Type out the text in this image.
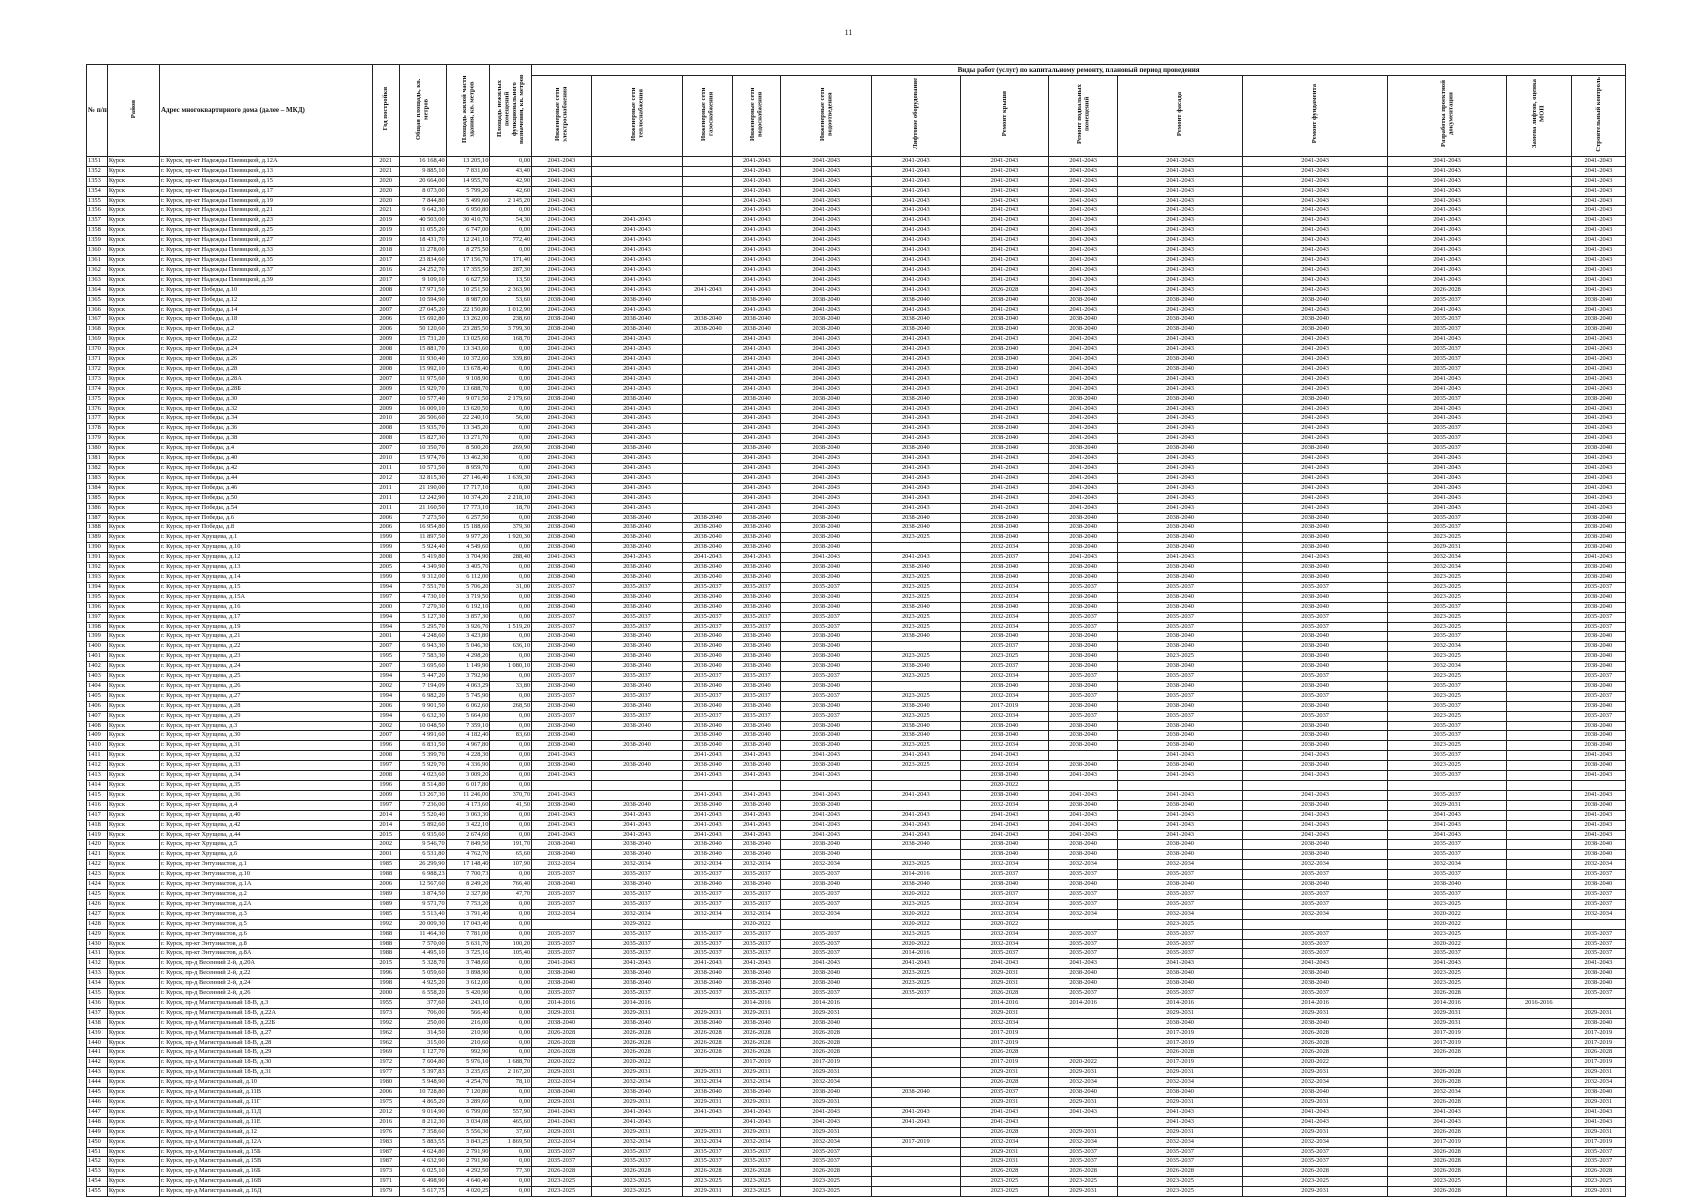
11
№ п/п	Район	Адрес многоквартирного дома (далее – МКД)	Год постройки	Общая площадь, кв. метров	Площадь жилой части здания, кв. метров	Площадь нежилых помещений функционального назначения, кв. метров	Виды работ (услуг) по капитальному ремонту, плановый период проведения												
							Инженерные сети электроснабжения	Инженерные сети теплоснабжения	Инженерные сети газоснабжения	Инженерные сети водоснабжения	Инженерные сети водоотведения	Лифтовое оборудование	Ремонт крыши	Ремонт подвальных помещений	Ремонт фасада	Ремонт фундамента	Разработка проектной документации	Замена лифтов, оценка МОП	Строительный контроль
1351	Курск	г. Курск, пр-кт Надежды Плевицкой, д.12А	2021	16 168,40	13 205,10	0,00	2041-2043			2041-2043	2041-2043	2041-2043	2041-2043	2041-2043	2041-2043	2041-2043	2041-2043		2041-2043
1352	Курск	г. Курск, пр-кт Надежды Плевицкой, д.13	2021	9 885,10	7 831,00	43,40	2041-2043			2041-2043	2041-2043	2041-2043	2041-2043	2041-2043	2041-2043	2041-2043	2041-2043		2041-2043
1353	Курск	г. Курск, пр-кт Надежды Плевицкой, д.15	2020	20 664,00	14 955,70	42,90	2041-2043			2041-2043	2041-2043	2041-2043	2041-2043	2041-2043	2041-2043	2041-2043	2041-2043		2041-2043
1354	Курск	г. Курск, пр-кт Надежды Плевицкой, д.17	2020	8 073,00	5 799,20	42,60	2041-2043			2041-2043	2041-2043	2041-2043	2041-2043	2041-2043	2041-2043	2041-2043	2041-2043		2041-2043
1355	Курск	г. Курск, пр-кт Надежды Плевицкой, д.19	2020	7 844,80	5 499,60	2 145,20	2041-2043			2041-2043	2041-2043	2041-2043	2041-2043	2041-2043	2041-2043	2041-2043	2041-2043		2041-2043
1356	Курск	г. Курск, пр-кт Надежды Плевицкой, д.21	2021	9 642,30	6 950,80	0,00	2041-2043			2041-2043	2041-2043	2041-2043	2041-2043	2041-2043	2041-2043	2041-2043	2041-2043		2041-2043
1357	Курск	г. Курск, пр-кт Надежды Плевицкой, д.23	2019	40 503,00	30 410,70	54,30	2041-2043	2041-2043		2041-2043	2041-2043	2041-2043	2041-2043	2041-2043	2041-2043	2041-2043	2041-2043		2041-2043
1358	Курск	г. Курск, пр-кт Надежды Плевицкой, д.25	2019	11 055,20	6 747,00	0,00	2041-2043	2041-2043		2041-2043	2041-2043	2041-2043	2041-2043	2041-2043	2041-2043	2041-2043	2041-2043		2041-2043
1359	Курск	г. Курск, пр-кт Надежды Плевицкой, д.27	2019	18 431,70	12 241,10	772,40	2041-2043	2041-2043		2041-2043	2041-2043	2041-2043	2041-2043	2041-2043	2041-2043	2041-2043	2041-2043		2041-2043
1360	Курск	г. Курск, пр-кт Надежды Плевицкой, д.33	2018	11 278,00	8 275,50	0,00	2041-2043	2041-2043		2041-2043	2041-2043	2041-2043	2041-2043	2041-2043	2041-2043	2041-2043	2041-2043		2041-2043
1361	Курск	г. Курск, пр-кт Надежды Плевицкой, д.35	2017	23 834,60	17 156,70	171,40	2041-2043	2041-2043		2041-2043	2041-2043	2041-2043	2041-2043	2041-2043	2041-2043	2041-2043	2041-2043		2041-2043
1362	Курск	г. Курск, пр-кт Надежды Плевицкой, д.37	2016	24 252,70	17 355,50	287,30	2041-2043	2041-2043		2041-2043	2041-2043	2041-2043	2041-2043	2041-2043	2041-2043	2041-2043	2041-2043		2041-2043
1363	Курск	г. Курск, пр-кт Надежды Плевицкой, д.39	2017	9 109,10	6 627,50	13,50	2041-2043	2041-2043		2041-2043	2041-2043	2041-2043	2041-2043	2041-2043	2041-2043	2041-2043	2041-2043		2041-2043
1364	Курск	г. Курск, пр-кт Победы, д.10	2008	17 971,50	10 251,50	2 363,90	2041-2043	2041-2043	2041-2043	2041-2043	2041-2043	2041-2043	2026-2028	2041-2043	2041-2043	2041-2043	2026-2028		2041-2043
1365	Курск	г. Курск, пр-кт Победы, д.12	2007	10 594,90	8 987,00	53,60	2038-2040	2038-2040		2038-2040	2038-2040	2038-2040	2038-2040	2038-2040	2038-2040	2038-2040	2035-2037		2038-2040
1366	Курск	г. Курск, пр-кт Победы, д.14	2007	27 045,20	22 150,80	1 012,90	2041-2043	2041-2043		2041-2043	2041-2043	2041-2043	2041-2043	2041-2043	2041-2043	2041-2043	2041-2043		2041-2043
1367	Курск	г. Курск, пр-кт Победы, д.18	2006	15 692,80	13 262,00	238,60	2038-2040	2038-2040	2038-2040	2038-2040	2038-2040	2038-2040	2038-2040	2038-2040	2038-2040	2038-2040	2035-2037		2038-2040
1368	Курск	г. Курск, пр-кт Победы, д.2	2006	50 120,60	23 285,50	3 799,30	2038-2040	2038-2040	2038-2040	2038-2040	2038-2040	2038-2040	2038-2040	2038-2040	2038-2040	2038-2040	2035-2037		2038-2040
1369	Курск	г. Курск, пр-кт Победы, д.22	2009	15 731,20	13 025,60	168,70	2041-2043	2041-2043		2041-2043	2041-2043	2041-2043	2041-2043	2041-2043	2041-2043	2041-2043	2041-2043		2041-2043
1370	Курск	г. Курск, пр-кт Победы, д.24	2008	15 881,70	13 343,60	0,00	2041-2043	2041-2043		2041-2043	2041-2043	2041-2043	2038-2040	2041-2043	2041-2043	2041-2043	2035-2037		2041-2043
1371	Курск	г. Курск, пр-кт Победы, д.26	2008	11 930,40	10 372,60	339,80	2041-2043	2041-2043		2041-2043	2041-2043	2041-2043	2038-2040	2041-2043	2038-2040	2041-2043	2035-2037		2041-2043
1372	Курск	г. Курск, пр-кт Победы, д.28	2008	15 992,10	13 678,40	0,00	2041-2043	2041-2043		2041-2043	2041-2043	2041-2043	2038-2040	2041-2043	2038-2040	2041-2043	2035-2037		2041-2043
1373	Курск	г. Курск, пр-кт Победы, д.28А	2007	11 975,60	9 108,90	0,00	2041-2043	2041-2043		2041-2043	2041-2043	2041-2043	2041-2043	2041-2043	2041-2043	2041-2043	2041-2043		2041-2043
1374	Курск	г. Курск, пр-кт Победы, д.28Б	2009	15 929,70	13 688,70	0,00	2041-2043	2041-2043		2041-2043	2041-2043	2041-2043	2041-2043	2041-2043	2041-2043	2041-2043	2041-2043		2041-2043
1375	Курск	г. Курск, пр-кт Победы, д.30	2007	10 577,40	9 071,50	2 179,60	2038-2040	2038-2040		2038-2040	2038-2040	2038-2040	2038-2040	2038-2040	2038-2040	2038-2040	2035-2037		2038-2040
1376	Курск	г. Курск, пр-кт Победы, д.32	2009	16 009,10	13 620,50	0,00	2041-2043	2041-2043		2041-2043	2041-2043	2041-2043	2041-2043	2041-2043	2041-2043	2041-2043	2041-2043		2041-2043
1377	Курск	г. Курск, пр-кт Победы, д.34	2010	26 506,60	22 240,10	56,00	2041-2043	2041-2043		2041-2043	2041-2043	2041-2043	2041-2043	2041-2043	2041-2043	2041-2043	2041-2043		2041-2043
1378	Курск	г. Курск, пр-кт Победы, д.36	2008	15 935,70	13 345,20	0,00	2041-2043	2041-2043		2041-2043	2041-2043	2041-2043	2038-2040	2041-2043	2041-2043	2041-2043	2035-2037		2041-2043
1379	Курск	г. Курск, пр-кт Победы, д.38	2008	15 827,30	13 271,70	0,00	2041-2043	2041-2043		2041-2043	2041-2043	2041-2043	2038-2040	2041-2043	2041-2043	2041-2043	2035-2037		2041-2043
1380	Курск	г. Курск, пр-кт Победы, д.4	2007	10 350,70	8 500,20	269,90	2038-2040	2038-2040		2038-2040	2038-2040	2038-2040	2038-2040	2038-2040	2038-2040	2038-2040	2035-2037		2038-2040
1381	Курск	г. Курск, пр-кт Победы, д.40	2010	15 974,70	13 462,30	0,00	2041-2043	2041-2043		2041-2043	2041-2043	2041-2043	2041-2043	2041-2043	2041-2043	2041-2043	2041-2043		2041-2043
1382	Курск	г. Курск, пр-кт Победы, д.42	2011	10 571,50	8 959,70	0,00	2041-2043	2041-2043		2041-2043	2041-2043	2041-2043	2041-2043	2041-2043	2041-2043	2041-2043	2041-2043		2041-2043
1383	Курск	г. Курск, пр-кт Победы, д.44	2012	32 815,30	27 146,40	1 639,30	2041-2043	2041-2043		2041-2043	2041-2043	2041-2043	2041-2043	2041-2043	2041-2043	2041-2043	2041-2043		2041-2043
1384	Курск	г. Курск, пр-кт Победы, д.46	2011	21 190,00	17 717,10	0,00	2041-2043	2041-2043		2041-2043	2041-2043	2041-2043	2041-2043	2041-2043	2041-2043	2041-2043	2041-2043		2041-2043
1385	Курск	г. Курск, пр-кт Победы, д.50	2011	12 242,90	10 374,20	2 218,10	2041-2043	2041-2043		2041-2043	2041-2043	2041-2043	2041-2043	2041-2043	2041-2043	2041-2043	2041-2043		2041-2043
1386	Курск	г. Курск, пр-кт Победы, д.54	2011	21 160,50	17 773,10	18,70	2041-2043	2041-2043		2041-2043	2041-2043	2041-2043	2041-2043	2041-2043	2041-2043	2041-2043	2041-2043		2041-2043
1387	Курск	г. Курск, пр-кт Победы, д.6	2006	7 273,50	6 257,50	0,00	2038-2040	2038-2040	2038-2040	2038-2040	2038-2040	2038-2040	2038-2040	2038-2040	2038-2040	2038-2040	2035-2037		2038-2040
1388	Курск	г. Курск, пр-кт Победы, д.8	2006	16 954,80	15 188,60	379,30	2038-2040	2038-2040	2038-2040	2038-2040	2038-2040	2038-2040	2038-2040	2038-2040	2038-2040	2038-2040	2035-2037		2038-2040
1389	Курск	г. Курск, пр-кт Хрущева, д.1	1999	11 897,50	9 977,20	1 920,30	2038-2040	2038-2040	2038-2040	2038-2040	2038-2040	2023-2025	2038-2040	2038-2040	2038-2040	2038-2040	2023-2025		2038-2040
1390	Курск	г. Курск, пр-кт Хрущева, д.10	1999	5 924,40	4 549,60	0,00	2038-2040	2038-2040	2038-2040	2038-2040	2038-2040		2032-2034	2038-2040	2038-2040	2038-2040	2029-2031		2038-2040
1391	Курск	г. Курск, пр-кт Хрущева, д.12	2008	5 419,80	3 704,90	288,40	2041-2043	2041-2043	2041-2043	2041-2043	2041-2043	2041-2043	2035-2037	2041-2043	2041-2043	2041-2043	2032-2034		2041-2043
1392	Курск	г. Курск, пр-кт Хрущева, д.13	2005	4 349,90	3 405,70	0,00	2038-2040	2038-2040	2038-2040	2038-2040	2038-2040	2038-2040	2038-2040	2038-2040	2038-2040	2038-2040	2032-2034		2038-2040
1393	Курск	г. Курск, пр-кт Хрущева, д.14	1999	9 312,00	6 112,00	0,00	2038-2040	2038-2040	2038-2040	2038-2040	2038-2040	2023-2025	2038-2040	2038-2040	2038-2040	2038-2040	2023-2025		2038-2040
1394	Курск	г. Курск, пр-кт Хрущева, д.15	1994	7 551,70	5 706,20	31,00	2035-2037	2035-2037	2035-2037	2035-2037	2035-2037	2023-2025	2032-2034	2035-2037	2035-2037	2035-2037	2023-2025		2035-2037
1395	Курск	г. Курск, пр-кт Хрущева, д.15А	1997	4 730,10	3 719,50	0,00	2038-2040	2038-2040	2038-2040	2038-2040	2038-2040	2023-2025	2032-2034	2038-2040	2038-2040	2038-2040	2023-2025		2038-2040
1396	Курск	г. Курск, пр-кт Хрущева, д.16	2000	7 279,30	6 192,10	0,00	2038-2040	2038-2040	2038-2040	2038-2040	2038-2040	2038-2040	2038-2040	2038-2040	2038-2040	2038-2040	2035-2037		2038-2040
1397	Курск	г. Курск, пр-кт Хрущева, д.17	1994	5 127,30	3 857,30	0,00	2035-2037	2035-2037	2035-2037	2035-2037	2035-2037	2023-2025	2032-2034	2035-2037	2035-2037	2035-2037	2023-2025		2035-2037
1398	Курск	г. Курск, пр-кт Хрущева, д.19	1994	5 295,70	3 926,70	1 519,20	2035-2037	2035-2037	2035-2037	2035-2037	2035-2037	2023-2025	2032-2034	2035-2037	2035-2037	2035-2037	2023-2025		2035-2037
1399	Курск	г. Курск, пр-кт Хрущева, д.21	2001	4 248,60	3 423,80	0,00	2038-2040	2038-2040	2038-2040	2038-2040	2038-2040	2038-2040	2038-2040	2038-2040	2038-2040	2038-2040	2035-2037		2038-2040
1400	Курск	г. Курск, пр-кт Хрущева, д.22	2007	6 943,30	5 046,30	636,10	2038-2040	2038-2040	2038-2040	2038-2040	2038-2040		2035-2037	2038-2040	2038-2040	2038-2040	2032-2034		2038-2040
1401	Курск	г. Курск, пр-кт Хрущева, д.23	1995	7 583,30	4 298,20	0,00	2038-2040	2038-2040	2038-2040	2038-2040	2038-2040	2023-2025	2023-2025	2038-2040	2023-2025	2038-2040	2023-2025		2038-2040
1402	Курск	г. Курск, пр-кт Хрущева, д.24	2007	3 695,60	1 149,90	1 080,10	2038-2040	2038-2040	2038-2040	2038-2040	2038-2040	2038-2040	2035-2037	2038-2040	2038-2040	2038-2040	2032-2034		2038-2040
1403	Курск	г. Курск, пр-кт Хрущева, д.25	1994	5 447,20	3 792,90	0,00	2035-2037	2035-2037	2035-2037	2035-2037	2035-2037	2023-2025	2032-2034	2035-2037	2035-2037	2035-2037	2023-2025		2035-2037
1404	Курск	г. Курск, пр-кт Хрущева, д.26	2002	7 194,09	4 063,29	33,80	2038-2040	2038-2040	2038-2040	2038-2040	2038-2040		2038-2040	2038-2040	2038-2040	2038-2040	2035-2037		2038-2040
1405	Курск	г. Курск, пр-кт Хрущева, д.27	1994	6 982,20	5 745,90	0,00	2035-2037	2035-2037	2035-2037	2035-2037	2035-2037	2023-2025	2032-2034	2035-2037	2035-2037	2035-2037	2023-2025		2035-2037
1406	Курск	г. Курск, пр-кт Хрущева, д.28	2006	9 901,50	6 062,60	268,50	2038-2040	2038-2040	2038-2040	2038-2040	2038-2040	2038-2040	2017-2019	2038-2040	2038-2040	2038-2040	2035-2037		2038-2040
1407	Курск	г. Курск, пр-кт Хрущева, д.29	1994	6 632,30	5 664,00	0,00	2035-2037	2035-2037	2035-2037	2035-2037	2035-2037	2023-2025	2032-2034	2035-2037	2035-2037	2035-2037	2023-2025		2035-2037
1408	Курск	г. Курск, пр-кт Хрущева, д.3	2002	10 048,50	7 359,10	0,00	2038-2040	2038-2040	2038-2040	2038-2040	2038-2040	2038-2040	2038-2040	2038-2040	2038-2040	2038-2040	2035-2037		2038-2040
1409	Курск	г. Курск, пр-кт Хрущева, д.30	2007	4 991,60	4 182,40	83,60	2038-2040		2038-2040	2038-2040	2038-2040	2038-2040	2038-2040	2038-2040	2038-2040	2038-2040	2035-2037		2038-2040
1410	Курск	г. Курск, пр-кт Хрущева, д.31	1996	6 831,50	4 967,80	0,00	2038-2040	2038-2040	2038-2040	2038-2040	2038-2040	2023-2025	2032-2034	2038-2040	2038-2040	2038-2040	2023-2025		2038-2040
1411	Курск	г. Курск, пр-кт Хрущева, д.32	2008	5 399,70	4 228,30	0,00	2041-2043		2041-2043	2041-2043	2041-2043	2041-2043	2041-2043		2041-2043	2041-2043	2035-2037		2041-2043
1412	Курск	г. Курск, пр-кт Хрущева, д.33	1997	5 929,70	4 336,90	0,00	2038-2040	2038-2040	2038-2040	2038-2040	2038-2040	2023-2025	2032-2034	2038-2040	2038-2040	2038-2040	2023-2025		2038-2040
1413	Курск	г. Курск, пр-кт Хрущева, д.34	2008	4 023,60	3 009,20	0,00	2041-2043		2041-2043	2041-2043	2041-2043		2038-2040	2041-2043	2041-2043	2041-2043	2035-2037		2041-2043
1414	Курск	г. Курск, пр-кт Хрущева, д.35	1996	8 514,80	6 017,80	0,00							2020-2022						
1415	Курск	г. Курск, пр-кт Хрущева, д.36	2009	13 267,30	11 246,00	370,70	2041-2043		2041-2043	2041-2043	2041-2043	2041-2043	2038-2040	2041-2043	2041-2043	2041-2043	2035-2037		2041-2043
1416	Курск	г. Курск, пр-кт Хрущева, д.4	1997	7 236,00	4 173,60	41,50	2038-2040	2038-2040	2038-2040	2038-2040	2038-2040		2032-2034	2038-2040	2038-2040	2038-2040	2029-2031		2038-2040
1417	Курск	г. Курск, пр-кт Хрущева, д.40	2014	5 520,40	3 063,30	0,00	2041-2043	2041-2043	2041-2043	2041-2043	2041-2043	2041-2043	2041-2043	2041-2043	2041-2043	2041-2043	2041-2043		2041-2043
1418	Курск	г. Курск, пр-кт Хрущева, д.42	2014	5 892,60	3 422,10	0,00	2041-2043	2041-2043	2041-2043	2041-2043	2041-2043	2041-2043	2041-2043	2041-2043	2041-2043	2041-2043	2041-2043		2041-2043
1419	Курск	г. Курск, пр-кт Хрущева, д.44	2015	6 935,60	2 674,60	0,00	2041-2043	2041-2043	2041-2043	2041-2043	2041-2043	2041-2043	2041-2043	2041-2043	2041-2043	2041-2043	2041-2043		2041-2043
1420	Курск	г. Курск, пр-кт Хрущева, д.5	2002	9 546,70	7 849,50	191,70	2038-2040	2038-2040	2038-2040	2038-2040	2038-2040	2038-2040	2038-2040	2038-2040	2038-2040	2038-2040	2035-2037		2038-2040
1421	Курск	г. Курск, пр-кт Хрущева, д.6	2001	6 531,80	4 762,70	65,60	2038-2040	2038-2040	2038-2040	2038-2040	2038-2040		2038-2040	2038-2040	2038-2040	2038-2040	2035-2037		2038-2040
1422	Курск	г. Курск, пр-кт Энтузиастов, д.1	1985	26 299,90	17 148,40	107,90	2032-2034	2032-2034	2032-2034	2032-2034	2032-2034	2023-2025	2032-2034	2032-2034	2032-2034	2032-2034	2032-2034		2032-2034
1423	Курск	г. Курск, пр-кт Энтузиастов, д.10	1988	6 988,23	7 700,73	0,00	2035-2037	2035-2037	2035-2037	2035-2037	2035-2037	2014-2016	2035-2037	2035-2037	2035-2037	2035-2037	2035-2037		2035-2037
1424	Курск	г. Курск, пр-кт Энтузиастов, д.1А	2006	12 567,60	8 249,20	766,40	2038-2040	2038-2040	2038-2040	2038-2040	2038-2040	2038-2040	2038-2040	2038-2040	2038-2040	2038-2040	2038-2040		2038-2040
1425	Курск	г. Курск, пр-кт Энтузиастов, д.2	1989	3 874,50	2 327,80	47,70	2035-2037	2035-2037	2035-2037	2035-2037	2035-2037	2020-2022	2035-2037	2035-2037	2035-2037	2035-2037	2035-2037		2035-2037
1426	Курск	г. Курск, пр-кт Энтузиастов, д.2А	1989	9 571,70	7 753,20	0,00	2035-2037	2035-2037	2035-2037	2035-2037	2035-2037	2023-2025	2032-2034	2035-2037	2035-2037	2035-2037	2023-2025		2035-2037
1427	Курск	г. Курск, пр-кт Энтузиастов, д.3	1985	5 513,40	3 791,40	0,00	2032-2034	2032-2034	2032-2034	2032-2034	2032-2034	2020-2022	2032-2034	2032-2034	2032-2034	2032-2034	2020-2022		2032-2034
1428	Курск	г. Курск, пр-кт Энтузиастов, д.5	1992	20 009,30	17 043,40	0,00		2029-2022		2020-2022		2020-2022	2020-2022		2023-2025		2020-2022		
1429	Курск	г. Курск, пр-кт Энтузиастов, д.6	1988	11 464,30	7 781,00	0,00	2035-2037	2035-2037	2035-2037	2035-2037	2035-2037	2023-2025	2032-2034	2035-2037	2035-2037	2035-2037	2023-2025		2035-2037
1430	Курск	г. Курск, пр-кт Энтузиастов, д.8	1988	7 570,00	5 631,70	100,20	2035-2037	2035-2037	2035-2037	2035-2037	2035-2037	2020-2022	2032-2034	2035-2037	2035-2037	2035-2037	2020-2022		2035-2037
1431	Курск	г. Курск, пр-кт Энтузиастов, д.8А	1988	4 495,10	3 725,16	105,40	2035-2037	2035-2037	2035-2037	2035-2037	2035-2037	2014-2016	2035-2037	2035-2037	2035-2037	2035-2037	2035-2037		2035-2037
1432	Курск	г. Курск, пр-д Весенний 2-й, д.20А	2015	5 328,70	3 748,60	0,00	2041-2043	2041-2043	2041-2043	2041-2043	2041-2043	2041-2043	2041-2043	2041-2043	2041-2043	2041-2043	2041-2043		2041-2043
1433	Курск	г. Курск, пр-д Весенний 2-й, д.22	1996	5 059,60	3 898,90	0,00	2038-2040	2038-2040	2038-2040	2038-2040	2038-2040	2023-2025	2029-2031	2038-2040	2038-2040	2038-2040	2023-2025		2038-2040
1434	Курск	г. Курск, пр-д Весенний 2-й, д.24	1998	4 925,20	3 612,00	0,00	2038-2040	2038-2040	2038-2040	2038-2040	2038-2040	2023-2025	2029-2031	2038-2040	2038-2040	2038-2040	2023-2025		2038-2040
1435	Курск	г. Курск, пр-д Весенний 2-й, д.26	2000	6 558,20	5 420,90	0,00	2035-2037	2035-2037	2035-2037	2035-2037	2035-2037	2035-2037	2026-2028	2035-2037	2035-2037	2035-2037	2026-2028		2035-2037
1436	Курск	г. Курск, пр-д Магистральный 18-В, д.3	1955	377,60	243,10	0,00	2014-2016	2014-2016		2014-2016	2014-2016		2014-2016	2014-2016	2014-2016	2014-2016	2014-2016	2016-2016	
1437	Курск	г. Курск, пр-д Магистральный 18-В, д.22А	1973	706,00	566,40	0,00	2029-2031	2029-2031	2029-2031	2029-2031	2029-2031		2029-2031		2029-2031	2029-2031	2029-2031		2029-2031
1438	Курск	г. Курск, пр-д Магистральный 18-В, д.22Б	1992	250,00	216,00	0,00	2038-2040	2038-2040	2038-2040	2038-2040	2038-2040		2032-2034		2038-2040	2038-2040	2029-2031		2038-2040
1439	Курск	г. Курск, пр-д Магистральный 18-В, д.27	1962	314,50	210,90	0,00	2026-2028	2026-2028	2026-2028	2026-2028	2026-2028		2017-2019		2017-2019	2026-2028	2017-2019		2017-2019
1440	Курск	г. Курск, пр-д Магистральный 18-В, д.28	1962	315,00	210,60	0,00	2026-2028	2026-2028	2026-2028	2026-2028	2026-2028		2017-2019		2017-2019	2026-2028	2017-2019		2017-2019
1441	Курск	г. Курск, пр-д Магистральный 18-В, д.29	1969	1 127,70	992,90	0,00	2026-2028	2026-2028	2026-2028	2026-2028	2026-2028		2026-2028		2026-2028	2026-2028	2026-2028		2026-2028
1442	Курск	г. Курск, пр-д Магистральный 18-В, д.30	1972	7 604,80	5 976,10	1 688,70	2020-2022	2020-2022		2017-2019	2017-2019		2017-2019	2020-2022	2017-2019	2020-2022			2017-2019
1443	Курск	г. Курск, пр-д Магистральный 18-В, д.31	1977	5 397,83	3 235,65	2 167,20	2029-2031	2029-2031	2029-2031	2029-2031	2029-2031		2029-2031	2029-2031	2029-2031	2029-2031	2026-2028		2029-2031
1444	Курск	г. Курск, пр-д Магистральный, д.10	1980	5 948,90	4 254,70	78,10	2032-2034	2032-2034	2032-2034	2032-2034	2032-2034		2026-2028	2032-2034	2032-2034	2032-2034	2026-2028		2032-2034
1445	Курск	г. Курск, пр-д Магистральный, д.11В	2006	10 728,80	7 120,80	0,00	2038-2040	2038-2040	2038-2040	2038-2040	2038-2040	2038-2040	2035-2037	2038-2040	2038-2040	2038-2040	2032-2034		2038-2040
1446	Курск	г. Курск, пр-д Магистральный, д.11Г	1975	4 865,20	3 289,60	0,00	2029-2031	2029-2031	2029-2031	2029-2031	2029-2031		2029-2031	2029-2031	2029-2031	2029-2031	2026-2028		2029-2031
1447	Курск	г. Курск, пр-д Магистральный, д.11Д	2012	9 014,90	6 799,00	557,90	2041-2043	2041-2043	2041-2043	2041-2043	2041-2043	2041-2043	2041-2043	2041-2043	2041-2043	2041-2043	2041-2043		2041-2043
1448	Курск	г. Курск, пр-д Магистральный, д.11Е	2016	8 212,30	3 034,08	465,60	2041-2043	2041-2043		2041-2043	2041-2043	2041-2043	2041-2043		2041-2043	2041-2043	2041-2043		2041-2043
1449	Курск	г. Курск, пр-д Магистральный, д.12	1976	7 358,60	5 556,30	37,60	2029-2031	2029-2031	2029-2031	2029-2031	2029-2031		2026-2028	2029-2031	2029-2031	2029-2031	2026-2028		2029-2031
1450	Курск	г. Курск, пр-д Магистральный, д.12А	1983	5 883,55	3 843,25	1 869,50	2032-2034	2032-2034	2032-2034	2032-2034	2032-2034	2017-2019	2032-2034	2032-2034	2032-2034	2032-2034	2017-2019		2017-2019
1451	Курск	г. Курск, пр-д Магистральный, д.15Б	1987	4 624,80	2 791,90	0,00	2035-2037	2035-2037	2035-2037	2035-2037	2035-2037		2029-2031	2035-2037	2035-2037	2035-2037	2026-2028		2035-2037
1452	Курск	г. Курск, пр-д Магистральный, д.15В	1987	4 632,90	2 791,90	0,00	2035-2037	2035-2037	2035-2037	2035-2037	2035-2037		2029-2031	2035-2037	2035-2037	2035-2037	2026-2028		2035-2037
1453	Курск	г. Курск, пр-д Магистральный, д.16Б	1973	6 025,10	4 292,50	77,30	2026-2028	2026-2028	2026-2028	2026-2028	2026-2028		2026-2028	2026-2028	2026-2028	2026-2028	2026-2028		2026-2028
1454	Курск	г. Курск, пр-д Магистральный, д.16В	1971	6 498,90	4 640,40	0,00	2023-2025	2023-2025	2023-2025	2023-2025	2023-2025		2023-2025	2023-2025	2023-2025	2023-2025	2023-2025		2023-2025
1455	Курск	г. Курск, пр-д Магистральный, д.16Д	1979	5 617,75	4 020,25	0,00	2023-2025	2023-2025	2029-2031	2023-2025	2023-2025		2023-2025	2029-2031	2023-2025	2029-2031	2026-2028		2029-2031
